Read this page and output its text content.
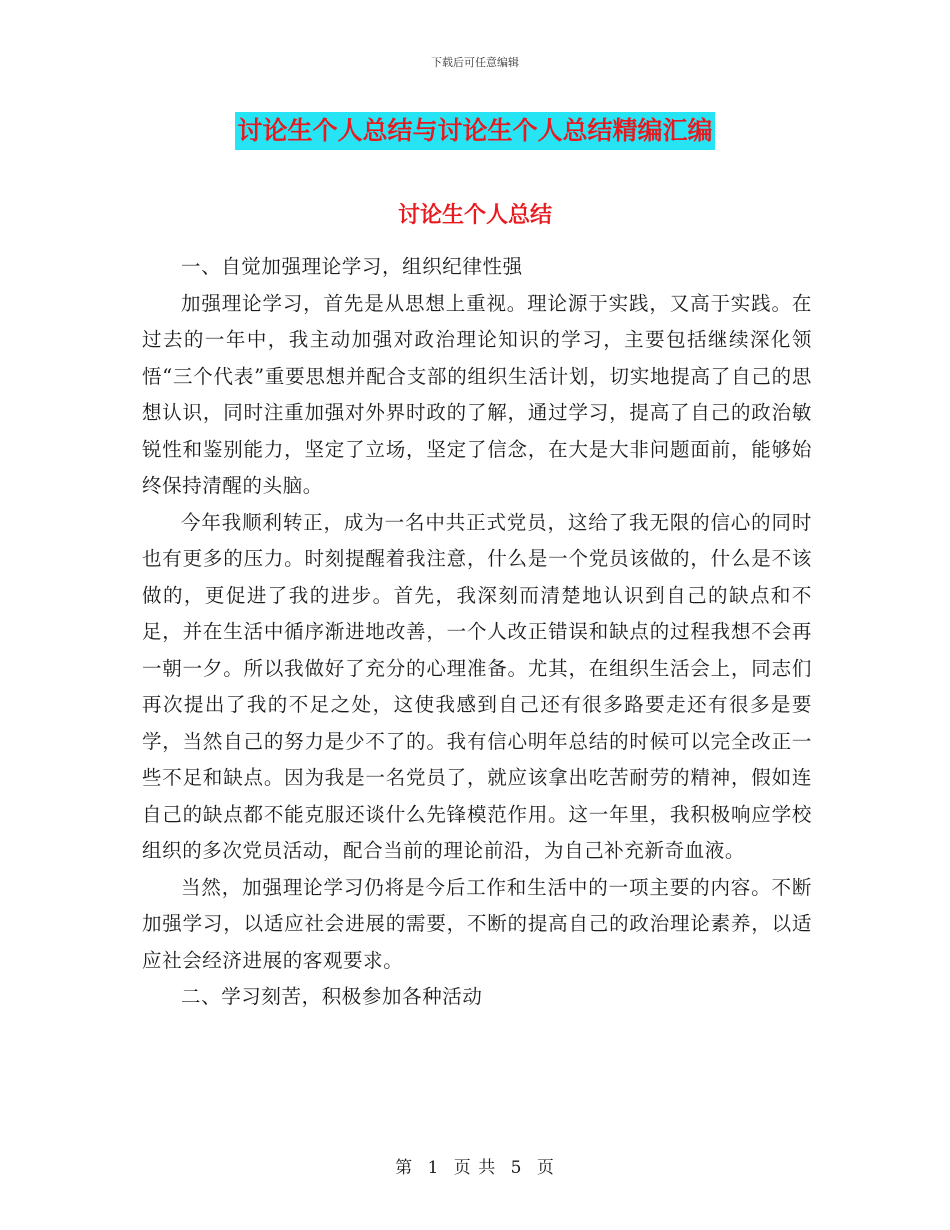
下载后可任意编辑
讨论生个人总结与讨论生个人总结精编汇编
讨论生个人总结

一、自觉加强理论学习，组织纪律性强

加强理论学习，首先是从思想上重视。理论源于实践，又高于实践。在过去的一年中，我主动加强对政治理论知识的学习，主要包括继续深化领悟“三个代表”重要思想并配合支部的组织生活计划，切实地提高了自己的思想认识，同时注重加强对外界时政的了解，通过学习，提高了自己的政治敏锐性和鉴别能力，坚定了立场，坚定了信念，在大是大非问题面前，能够始终保持清醒的头脑。

今年我顺利转正，成为一名中共正式党员，这给了我无限的信心的同时也有更多的压力。时刻提醒着我注意，什么是一个党员该做的，什么是不该做的，更促进了我的进步。首先，我深刻而清楚地认识到自己的缺点和不足，并在生活中循序渐进地改善，一个人改正错误和缺点的过程我想不会再一朝一夕。所以我做好了充分的心理准备。尤其，在组织生活会上，同志们再次提出了我的不足之处，这使我感到自己还有很多路要走还有很多是要学，当然自己的努力是少不了的。我有信心明年总结的时候可以完全改正一些不足和缺点。因为我是一名党员了，就应该拿出吃苦耐劳的精神，假如连自己的缺点都不能克服还谈什么先锋模范作用。这一年里，我积极响应学校组织的多次党员活动，配合当前的理论前沿，为自己补充新奇血液。

当然，加强理论学习仍将是今后工作和生活中的一项主要的内容。不断加强学习，以适应社会进展的需要，不断的提高自己的政治理论素养，以适应社会经济进展的客观要求。

二、学习刻苦，积极参加各种活动

第 1 页 共 5 页
